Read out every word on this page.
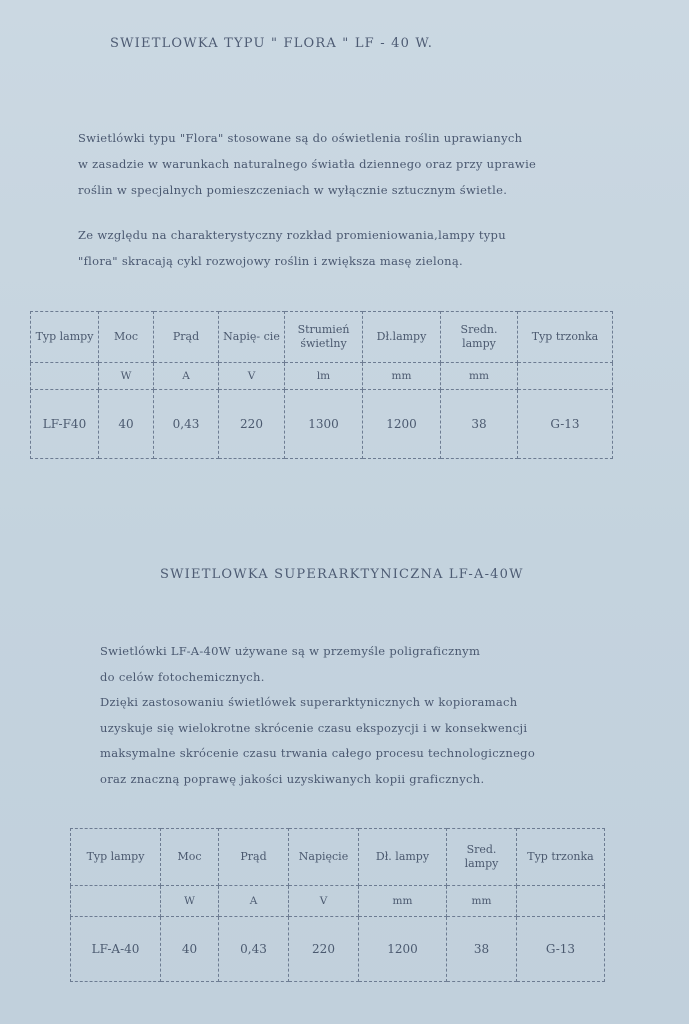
SWIETLOWKA TYPU " FLORA " LF - 40 W.
Swietlówki typu "Flora" stosowane są do oświetlenia roślin uprawianych
w zasadzie w warunkach naturalnego światła dziennego oraz przy uprawie
roślin w specjalnych pomieszczeniach w wyłącznie sztucznym świetle.
Ze względu na charakterystyczny rozkład promieniowania,lampy typu
"flora" skracają cykl rozwojowy roślin i zwiększa masę zieloną.
Typ lampy	Moc	Prąd	Napię- cie	Strumień świetlny	Dł.lampy	Sredn. lampy	Typ trzonka
	W	A	V	lm	mm	mm	
LF-F40	40	0,43	220	1300	1200	38	G-13
SWIETLOWKA SUPERARKTYNICZNA LF-A-40W
Swietlówki LF-A-40W używane są w przemyśle poligraficznym
do celów fotochemicznych.
Dzięki zastosowaniu świetlówek superarktynicznych w kopioramach
uzyskuje się wielokrotne skrócenie czasu ekspozycji i w konsekwencji
maksymalne skrócenie czasu trwania całego procesu technologicznego
oraz znaczną poprawę jakości uzyskiwanych kopii graficznych.
Typ lampy	Moc	Prąd	Napięcie	Dł. lampy	Sred. lampy	Typ trzonka
	W	A	V	mm	mm	
LF-A-40	40	0,43	220	1200	38	G-13
